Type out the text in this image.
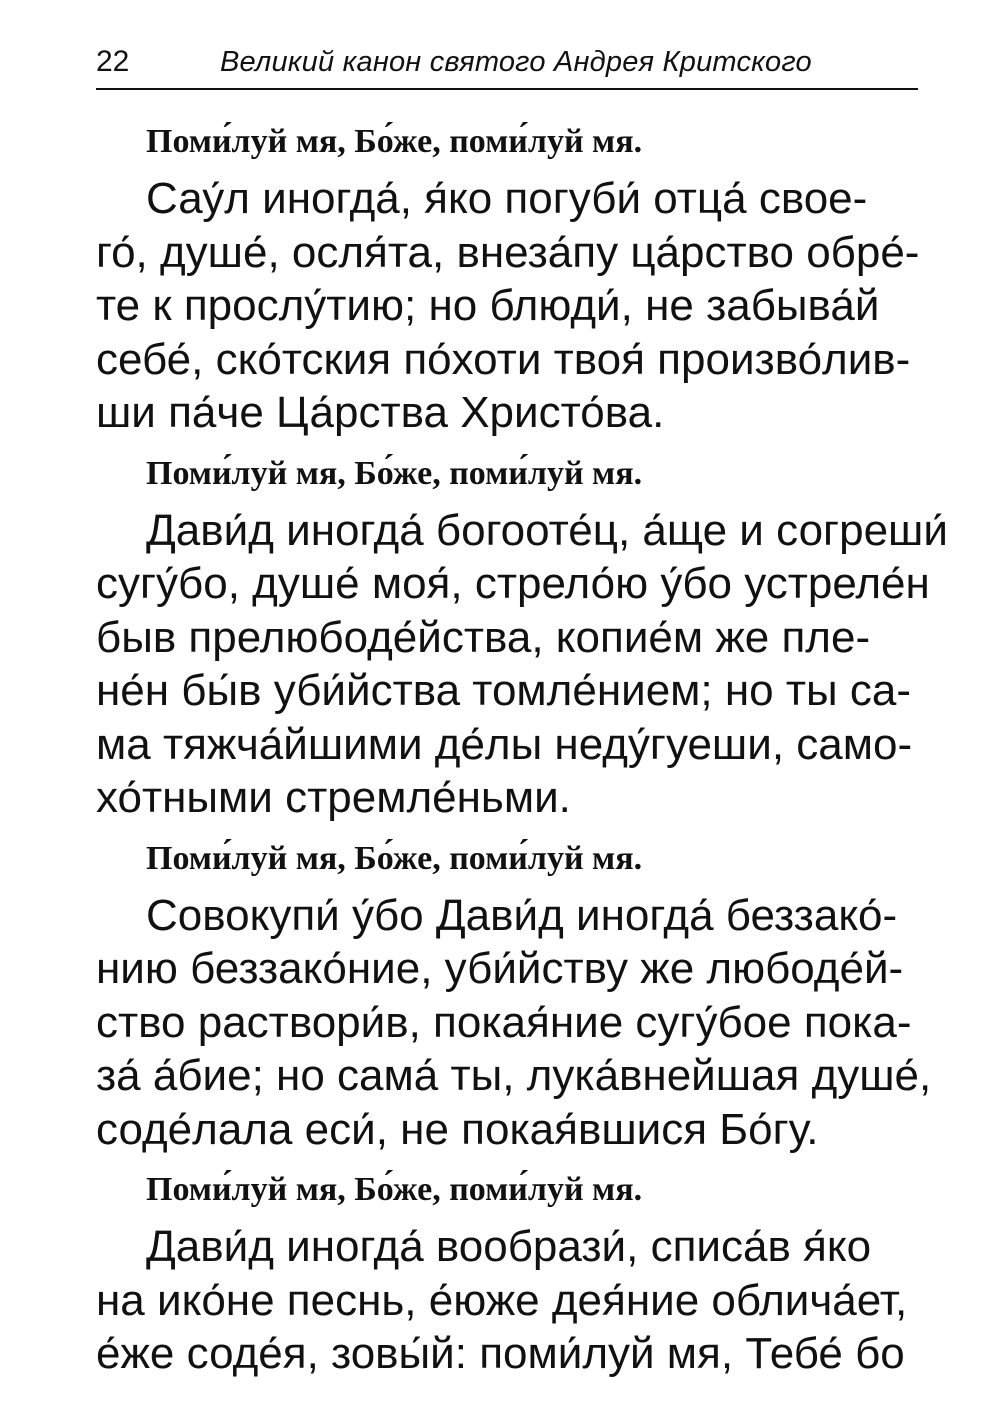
22	Великий канон святого Андрея Критского
Поми́луй мя, Бо́же, поми́луй мя.
Сау́л иногда́, я́ко погуби́ отца́ свое-
го́, душе́, осля́та, внеза́пу ца́рство обре́-
те к прослу́тию; но блюди́, не забыва́й
себе́, ско́тския по́хоти твоя́ произво́лив-
ши па́че Ца́рства Христо́ва.
Поми́луй мя, Бо́же, поми́луй мя.
Дави́д иногда́ богооте́ц, а́ще и согреши́
сугу́бо, душе́ моя́, стрело́ю у́бо устреле́н
быв прелюбоде́йства, копие́м же пле-
не́н бы́в уби́йства томле́нием; но ты са-
ма тяжча́йшими де́лы неду́гуеши, само-
хо́тными стремле́ньми.
Поми́луй мя, Бо́же, поми́луй мя.
Совокупи́ у́бо Дави́д иногда́ беззако́-
нию беззако́ние, уби́йству же любоде́й-
ство раствори́в, покая́ние сугу́бое пока-
за́ а́бие; но сама́ ты, лука́внейшая душе́,
соде́лала еси́, не покая́вшися Бо́гу.
Поми́луй мя, Бо́же, поми́луй мя.
Дави́д иногда́ вообрази́, списа́в я́ко
на ико́не песнь, е́юже дея́ние облича́ет,
е́же соде́я, зовы́й: поми́луй мя, Тебе́ бо
